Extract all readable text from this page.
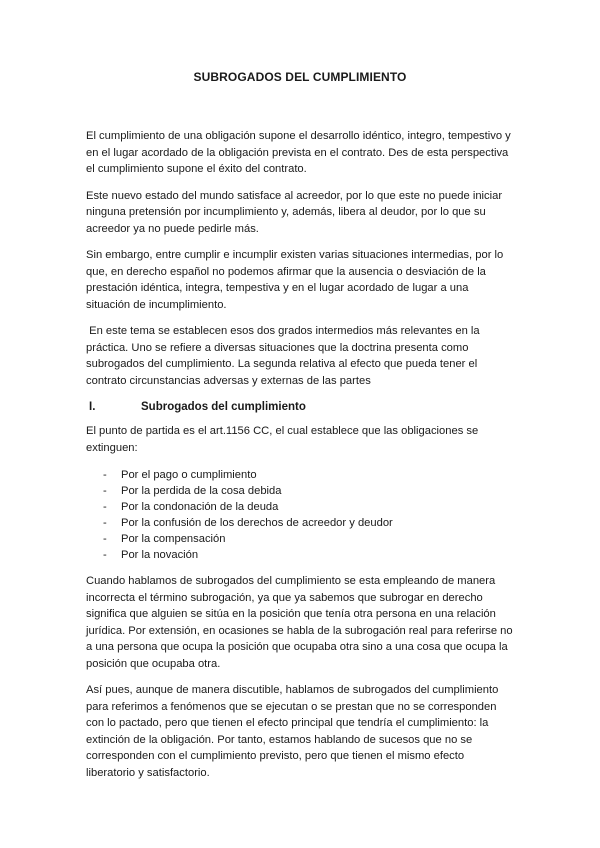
SUBROGADOS DEL CUMPLIMIENTO

El cumplimiento de una obligación supone el desarrollo idéntico, integro, tempestivo y en el lugar acordado de la obligación prevista en el contrato. Des de esta perspectiva el cumplimiento supone el éxito del contrato.

Este nuevo estado del mundo satisface al acreedor, por lo que este no puede iniciar ninguna pretensión por incumplimiento y, además, libera al deudor, por lo que su acreedor ya no puede pedirle más.

Sin embargo, entre cumplir e incumplir existen varias situaciones intermedias, por lo que, en derecho español no podemos afirmar que la ausencia o desviación de la prestación idéntica, integra, tempestiva y en el lugar acordado de lugar a una situación de incumplimiento.

En este tema se establecen esos dos grados intermedios más relevantes en la práctica. Uno se refiere a diversas situaciones que la doctrina presenta como subrogados del cumplimiento. La segunda relativa al efecto que pueda tener el contrato circunstancias adversas y externas de las partes

I.	Subrogados del cumplimiento

El punto de partida es el art.1156 CC, el cual establece que las obligaciones se extinguen:

-	Por el pago o cumplimiento
-	Por la perdida de la cosa debida
-	Por la condonación de la deuda
-	Por la confusión de los derechos de acreedor y deudor
-	Por la compensación
-	Por la novación

Cuando hablamos de subrogados del cumplimiento se esta empleando de manera incorrecta el término subrogación, ya que ya sabemos que subrogar en derecho significa que alguien se sitúa en la posición que tenía otra persona en una relación jurídica. Por extensión, en ocasiones se habla de la subrogación real para referirse no a una persona que ocupa la posición que ocupaba otra sino a una cosa que ocupa la posición que ocupaba otra.

Así pues, aunque de manera discutible, hablamos de subrogados del cumplimiento para referimos a fenómenos que se ejecutan o se prestan que no se corresponden con lo pactado, pero que tienen el efecto principal que tendría el cumplimiento: la extinción de la obligación. Por tanto, estamos hablando de sucesos que no se corresponden con el cumplimiento previsto, pero que tienen el mismo efecto liberatorio y satisfactorio.
